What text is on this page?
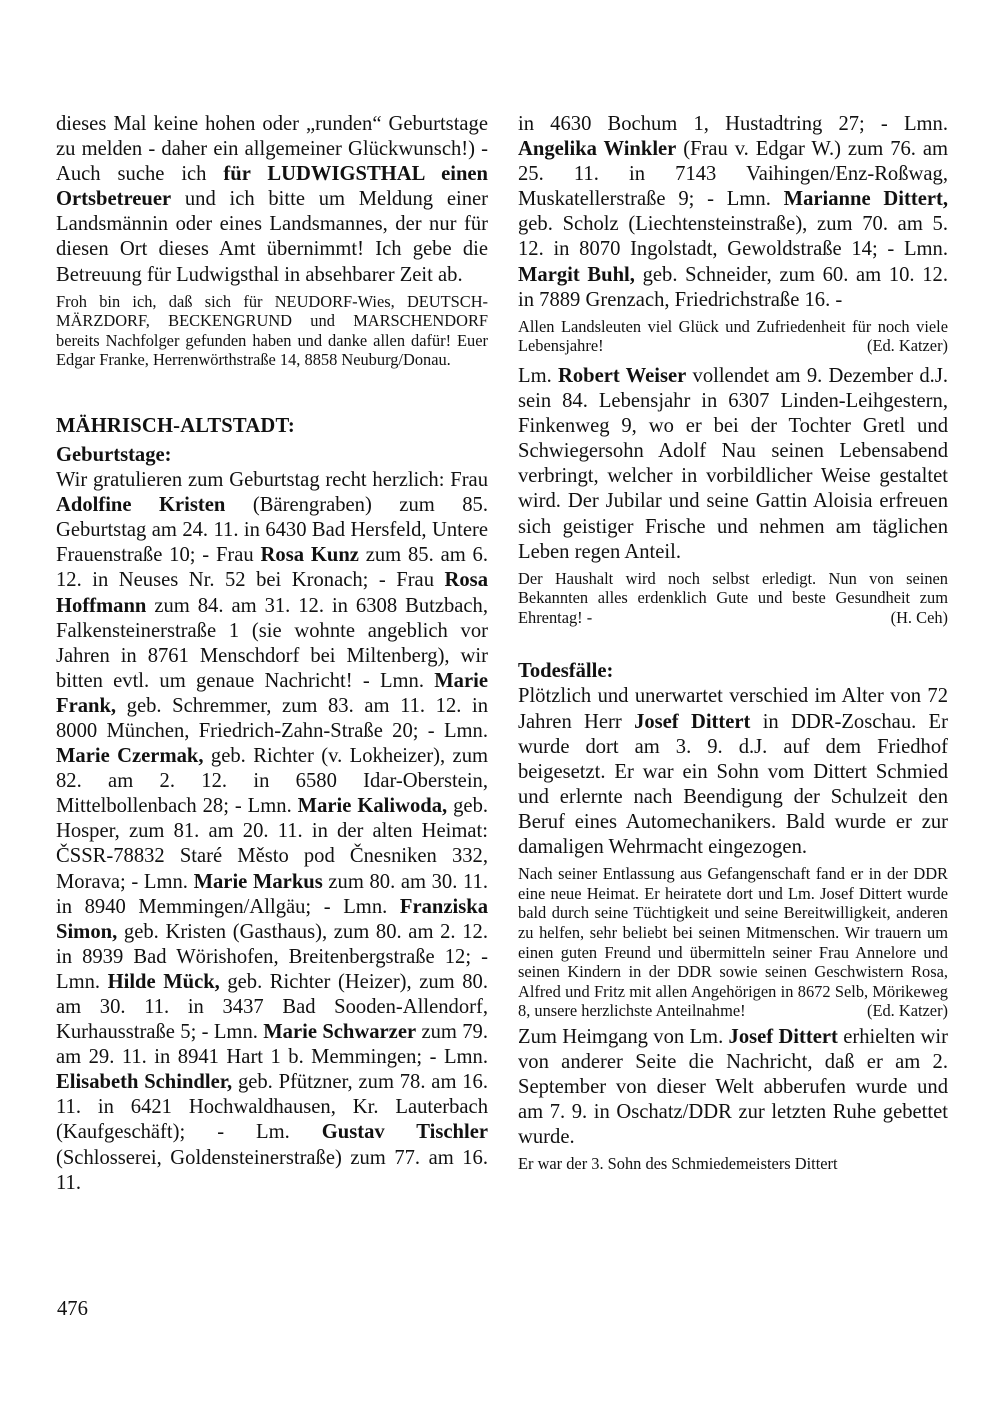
dieses Mal keine hohen oder „runden“ Geburtstage zu melden - daher ein allgemeiner Glückwunsch!) - Auch suche ich für LUDWIGSTHAL einen Ortsbetreuer und ich bitte um Meldung einer Landsmännin oder eines Landsmannes, der nur für diesen Ort dieses Amt übernimmt! Ich gebe die Betreuung für Ludwigsthal in absehbarer Zeit ab.

Froh bin ich, daß sich für NEUDORF-Wies, DEUTSCH-MÄRZDORF, BECKENGRUND und MARSCHENDORF bereits Nachfolger gefunden haben und danke allen dafür! Euer Edgar Franke, Herrenwörthstraße 14, 8858 Neuburg/Donau.

MÄHRISCH-ALTSTADT:

Geburtstage:

Wir gratulieren zum Geburtstag recht herzlich: Frau Adolfine Kristen (Bärengraben) zum 85. Geburtstag am 24. 11. in 6430 Bad Hersfeld, Untere Frauenstraße 10; - Frau Rosa Kunz zum 85. am 6. 12. in Neuses Nr. 52 bei Kronach; - Frau Rosa Hoffmann zum 84. am 31. 12. in 6308 Butzbach, Falkensteinerstraße 1 (sie wohnte angeblich vor Jahren in 8761 Menschdorf bei Miltenberg), wir bitten evtl. um genaue Nachricht! - Lmn. Marie Frank, geb. Schremmer, zum 83. am 11. 12. in 8000 München, Friedrich-Zahn-Straße 20; - Lmn. Marie Czermak, geb. Richter (v. Lokheizer), zum 82. am 2. 12. in 6580 Idar-Oberstein, Mittelbollenbach 28; - Lmn. Marie Kaliwoda, geb. Hosper, zum 81. am 20. 11. in der alten Heimat: ČSSR-78832 Staré Město pod Čnesniken 332, Morava; - Lmn. Marie Markus zum 80. am 30. 11. in 8940 Memmingen/Allgäu; - Lmn. Franziska Simon, geb. Kristen (Gasthaus), zum 80. am 2. 12. in 8939 Bad Wörishofen, Breitenbergstraße 12; - Lmn. Hilde Mück, geb. Richter (Heizer), zum 80. am 30. 11. in 3437 Bad Sooden-Allendorf, Kurhausstraße 5; - Lmn. Marie Schwarzer zum 79. am 29. 11. in 8941 Hart 1 b. Memmingen; - Lmn. Elisabeth Schindler, geb. Pfützner, zum 78. am 16. 11. in 6421 Hochwaldhausen, Kr. Lauterbach (Kaufgeschäft); - Lm. Gustav Tischler (Schlosserei, Goldensteinerstraße) zum 77. am 16. 11.

in 4630 Bochum 1, Hustadtring 27; - Lmn. Angelika Winkler (Frau v. Edgar W.) zum 76. am 25. 11. in 7143 Vaihingen/Enz-Roßwag, Muskatellerstraße 9; - Lmn. Marianne Dittert, geb. Scholz (Liechtensteinstraße), zum 70. am 5. 12. in 8070 Ingolstadt, Gewoldstraße 14; - Lmn. Margit Buhl, geb. Schneider, zum 60. am 10. 12. in 7889 Grenzach, Friedrichstraße 16. -

Allen Landsleuten viel Glück und Zufriedenheit für noch viele Lebensjahre!	(Ed. Katzer)

Lm. Robert Weiser vollendet am 9. Dezember d.J. sein 84. Lebensjahr in 6307 Linden-Leihgestern, Finkenweg 9, wo er bei der Tochter Gretl und Schwiegersohn Adolf Nau seinen Lebensabend verbringt, welcher in vorbildlicher Weise gestaltet wird. Der Jubilar und seine Gattin Aloisia erfreuen sich geistiger Frische und nehmen am täglichen Leben regen Anteil.

Der Haushalt wird noch selbst erledigt. Nun von seinen Bekannten alles erdenklich Gute und beste Gesundheit zum Ehrentag! -	(H. Ceh)

Todesfälle:

Plötzlich und unerwartet verschied im Alter von 72 Jahren Herr Josef Dittert in DDR-Zoschau. Er wurde dort am 3. 9. d.J. auf dem Friedhof beigesetzt. Er war ein Sohn vom Dittert Schmied und erlernte nach Beendigung der Schulzeit den Beruf eines Automechanikers. Bald wurde er zur damaligen Wehrmacht eingezogen.

Nach seiner Entlassung aus Gefangenschaft fand er in der DDR eine neue Heimat. Er heiratete dort und Lm. Josef Dittert wurde bald durch seine Tüchtigkeit und seine Bereitwilligkeit, anderen zu helfen, sehr beliebt bei seinen Mitmenschen. Wir trauern um einen guten Freund und übermitteln seiner Frau Annelore und seinen Kindern in der DDR sowie seinen Geschwistern Rosa, Alfred und Fritz mit allen Angehörigen in 8672 Selb, Mörikeweg 8, unsere herzlichste Anteilnahme!	(Ed. Katzer)

Zum Heimgang von Lm. Josef Dittert erhielten wir von anderer Seite die Nachricht, daß er am 2. September von dieser Welt abberufen wurde und am 7. 9. in Oschatz/DDR zur letzten Ruhe gebettet wurde.

Er war der 3. Sohn des Schmiedemeisters Dittert

476
